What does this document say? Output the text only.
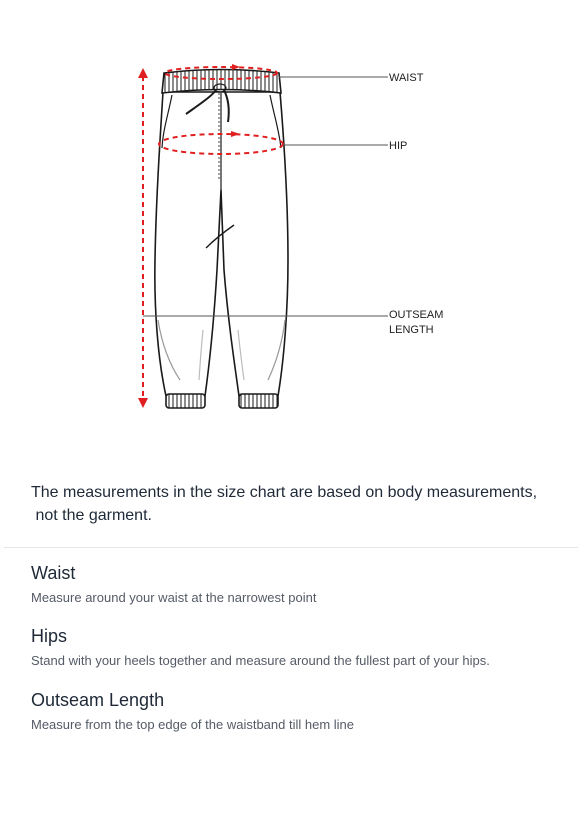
WAIST
HIP
OUTSEAM
LENGTH

The measurements in the size chart are based on body measurements,  not the garment.

Waist

Measure around your waist at the narrowest point

Hips

Stand with your heels together and measure around the fullest part of your hips.

Outseam Length

Measure from the top edge of the waistband till hem line
